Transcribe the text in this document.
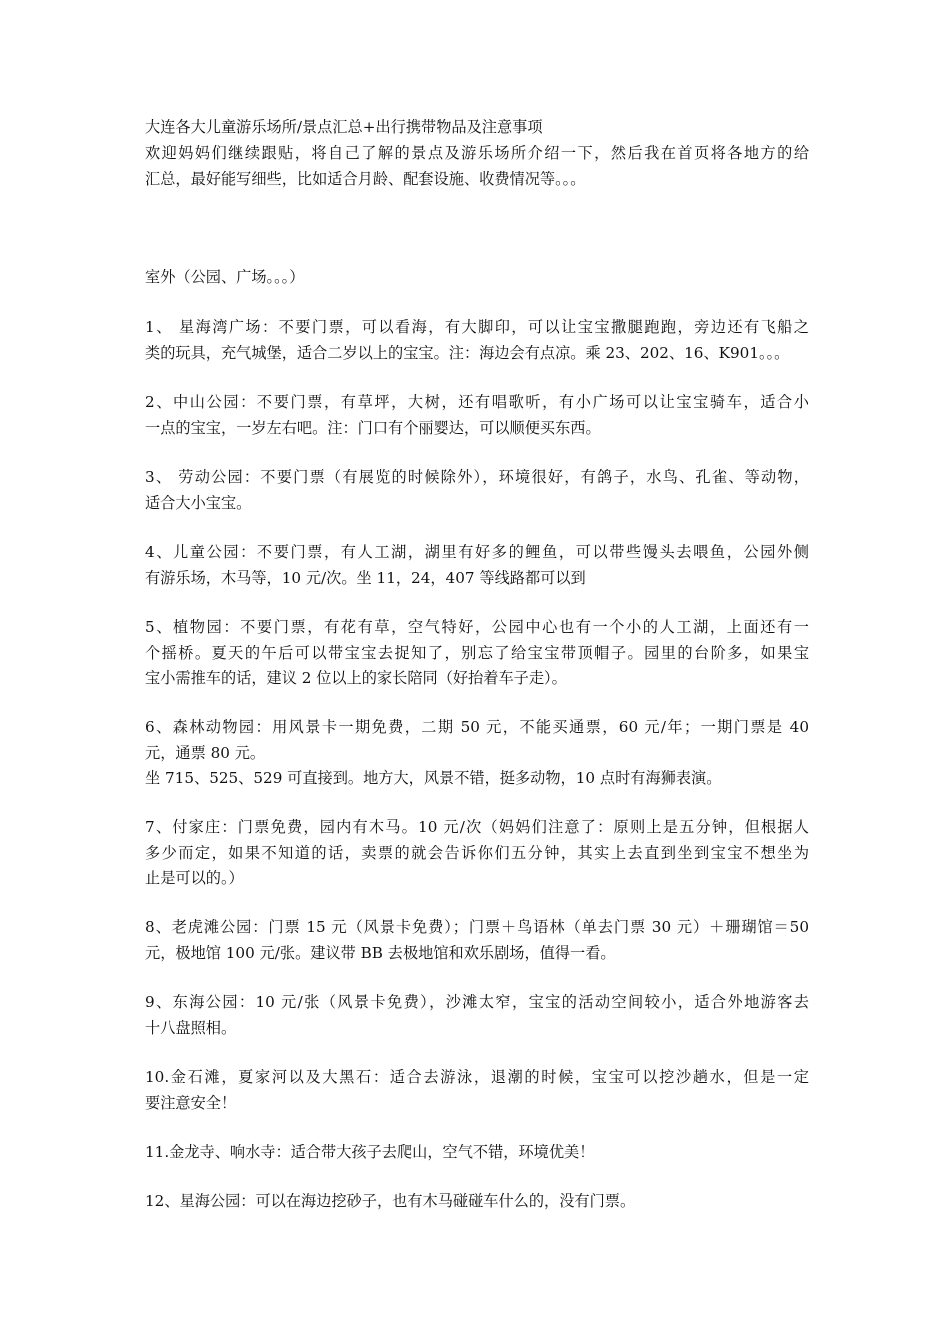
大连各大儿童游乐场所/景点汇总+出行携带物品及注意事项
欢迎妈妈们继续跟贴，将自己了解的景点及游乐场所介绍一下，然后我在首页将各地方的给
汇总，最好能写细些，比如适合月龄、配套设施、收费情况等。。。
室外（公园、广场。。。）
1、 星海湾广场：不要门票，可以看海，有大脚印，可以让宝宝撒腿跑跑，旁边还有飞船之
类的玩具，充气城堡，适合二岁以上的宝宝。注：海边会有点凉。乘 23、202、16、K901。。。
2、中山公园：不要门票，有草坪，大树，还有唱歌听，有小广场可以让宝宝骑车，适合小
一点的宝宝，一岁左右吧。注：门口有个丽婴达，可以顺便买东西。
3、 劳动公园：不要门票（有展览的时候除外），环境很好，有鸽子，水鸟、孔雀、等动物，
适合大小宝宝。
4、儿童公园：不要门票，有人工湖，湖里有好多的鲤鱼，可以带些馒头去喂鱼，公园外侧
有游乐场，木马等，10 元/次。坐 11，24，407 等线路都可以到
5、植物园：不要门票，有花有草，空气特好，公园中心也有一个小的人工湖，上面还有一
个摇桥。夏天的午后可以带宝宝去捉知了，别忘了给宝宝带顶帽子。园里的台阶多，如果宝
宝小需推车的话，建议 2 位以上的家长陪同（好抬着车子走）。
6、森林动物园：用风景卡一期免费，二期 50 元，不能买通票，60 元/年；一期门票是 40
元，通票 80 元。
坐 715、525、529 可直接到。地方大，风景不错，挺多动物，10 点时有海狮表演。
7、付家庄：门票免费，园内有木马。10 元/次（妈妈们注意了：原则上是五分钟，但根据人
多少而定，如果不知道的话，卖票的就会告诉你们五分钟，其实上去直到坐到宝宝不想坐为
止是可以的。）
8、老虎滩公园：门票 15 元（风景卡免费）；门票＋鸟语林（单去门票 30 元）＋珊瑚馆＝50
元，极地馆 100 元/张。建议带 BB 去极地馆和欢乐剧场，值得一看。
9、东海公园：10 元/张（风景卡免费），沙滩太窄，宝宝的活动空间较小，适合外地游客去
十八盘照相。
10.金石滩，夏家河以及大黑石：适合去游泳，退潮的时候，宝宝可以挖沙趟水，但是一定
要注意安全！
11.金龙寺、响水寺：适合带大孩子去爬山，空气不错，环境优美！
12、星海公园：可以在海边挖砂子，也有木马碰碰车什么的，没有门票。
